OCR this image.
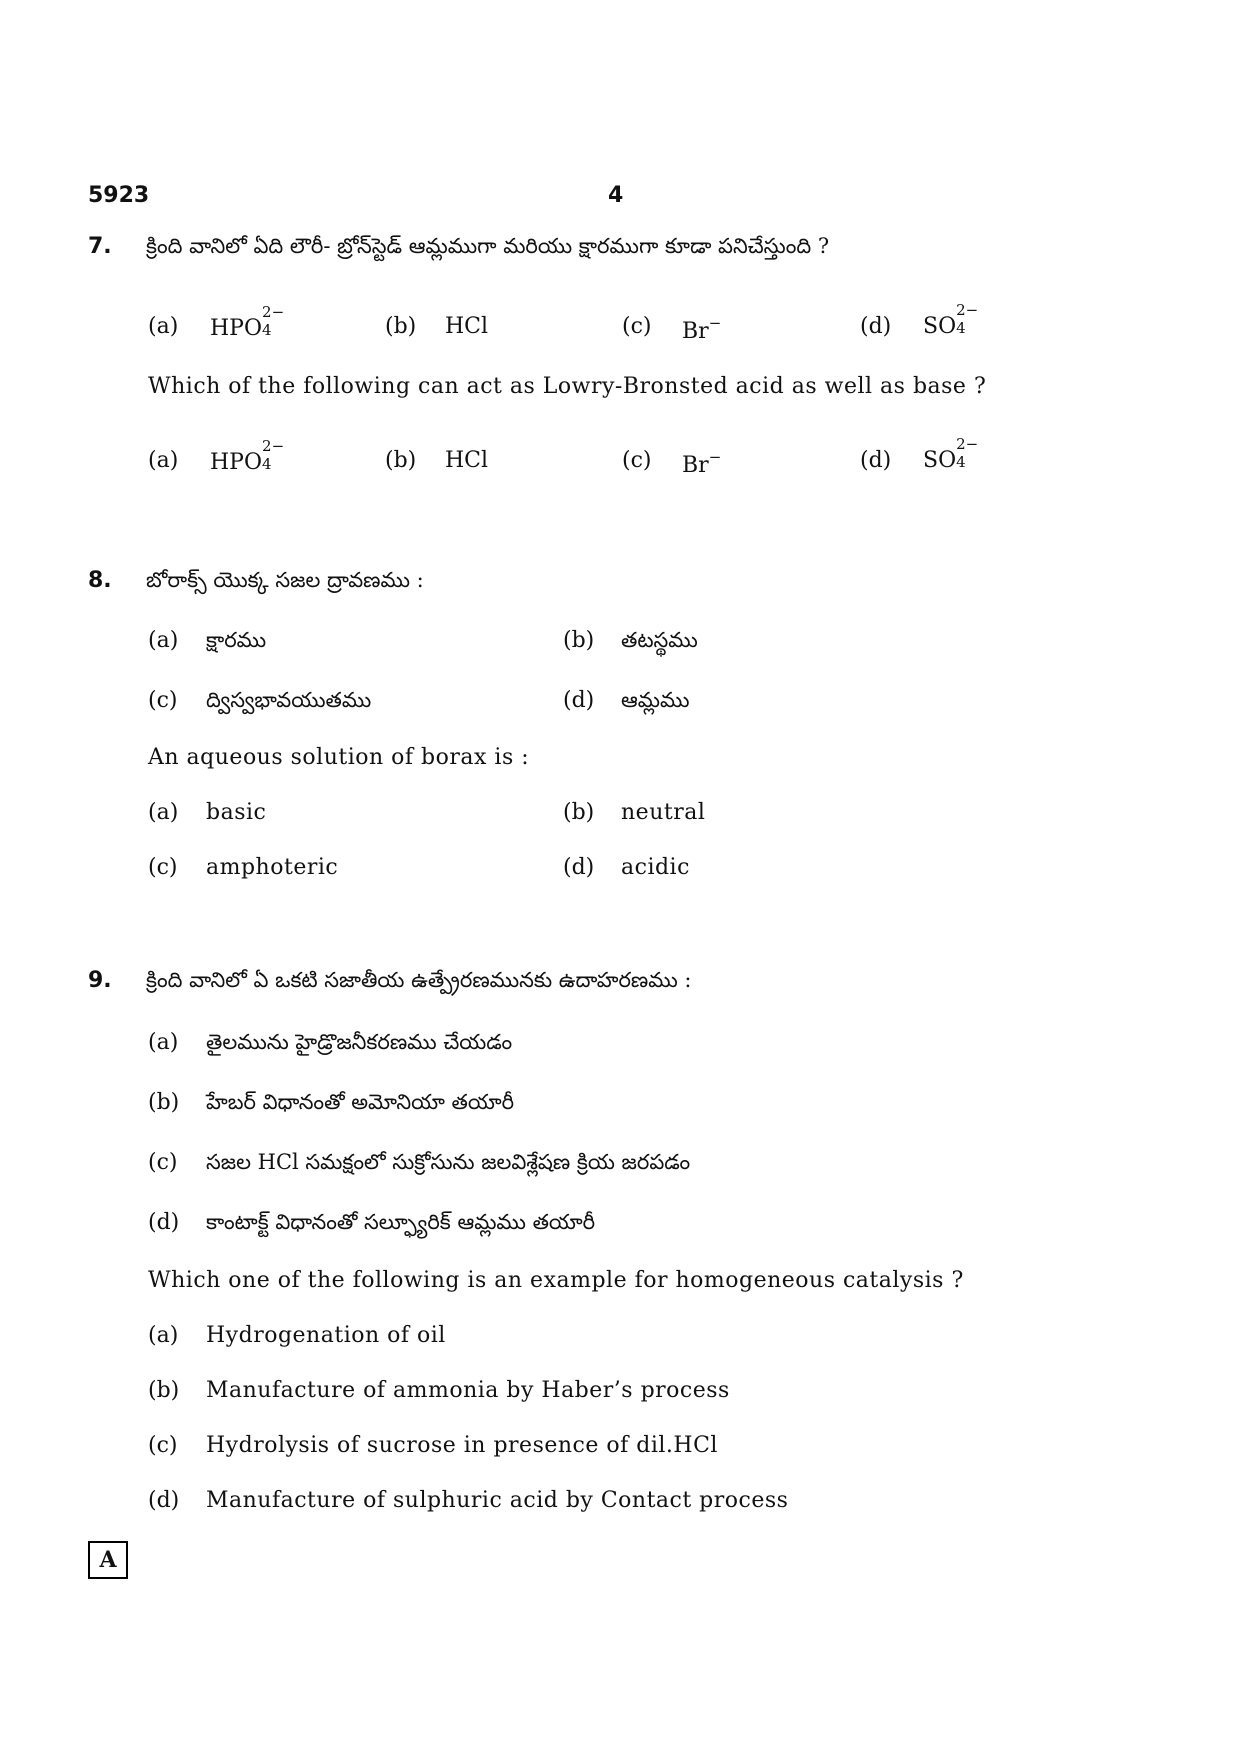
5923	4
7. క్రింది వానిలో ఏది లౌరీ- బ్రోన్‌స్టెడ్ ఆమ్లముగా మరియు క్షారముగా కూడా పనిచేస్తుంది ?
(a) HPO
2−
4	(b) HCl	(c) Br−	(d) SO
2−
4
Which of the following can act as Lowry-Bronsted acid as well as base ?
(a) HPO
2−
4	(b) HCl	(c) Br−	(d) SO
2−
4
8. బోరాక్స్ యొక్క సజల ద్రావణము :
(a) క్షారము	(b) తటస్థము
(c) ద్విస్వభావయుతము	(d) ఆమ్లము
An aqueous solution of borax is :
(a) basic	(b) neutral
(c) amphoteric	(d) acidic
9. క్రింది వానిలో ఏ ఒకటి సజాతీయ ఉత్ప్రేరణమునకు ఉదాహరణము :
(a) తైలమును హైడ్రొజనీకరణము చేయడం
(b) హేబర్ విధానంతో అమోనియా తయారీ
(c) సజల HCl సమక్షంలో సుక్రోసును జలవిశ్లేషణ క్రియ జరపడం
(d) కాంటాక్ట్ విధానంతో సల్ఫ్యూరిక్ ఆమ్లము తయారీ
Which one of the following is an example for homogeneous catalysis ?
(a) Hydrogenation of oil
(b) Manufacture of ammonia by Haber’s process
(c) Hydrolysis of sucrose in presence of dil.HCl
(d) Manufacture of sulphuric acid by Contact process
A
